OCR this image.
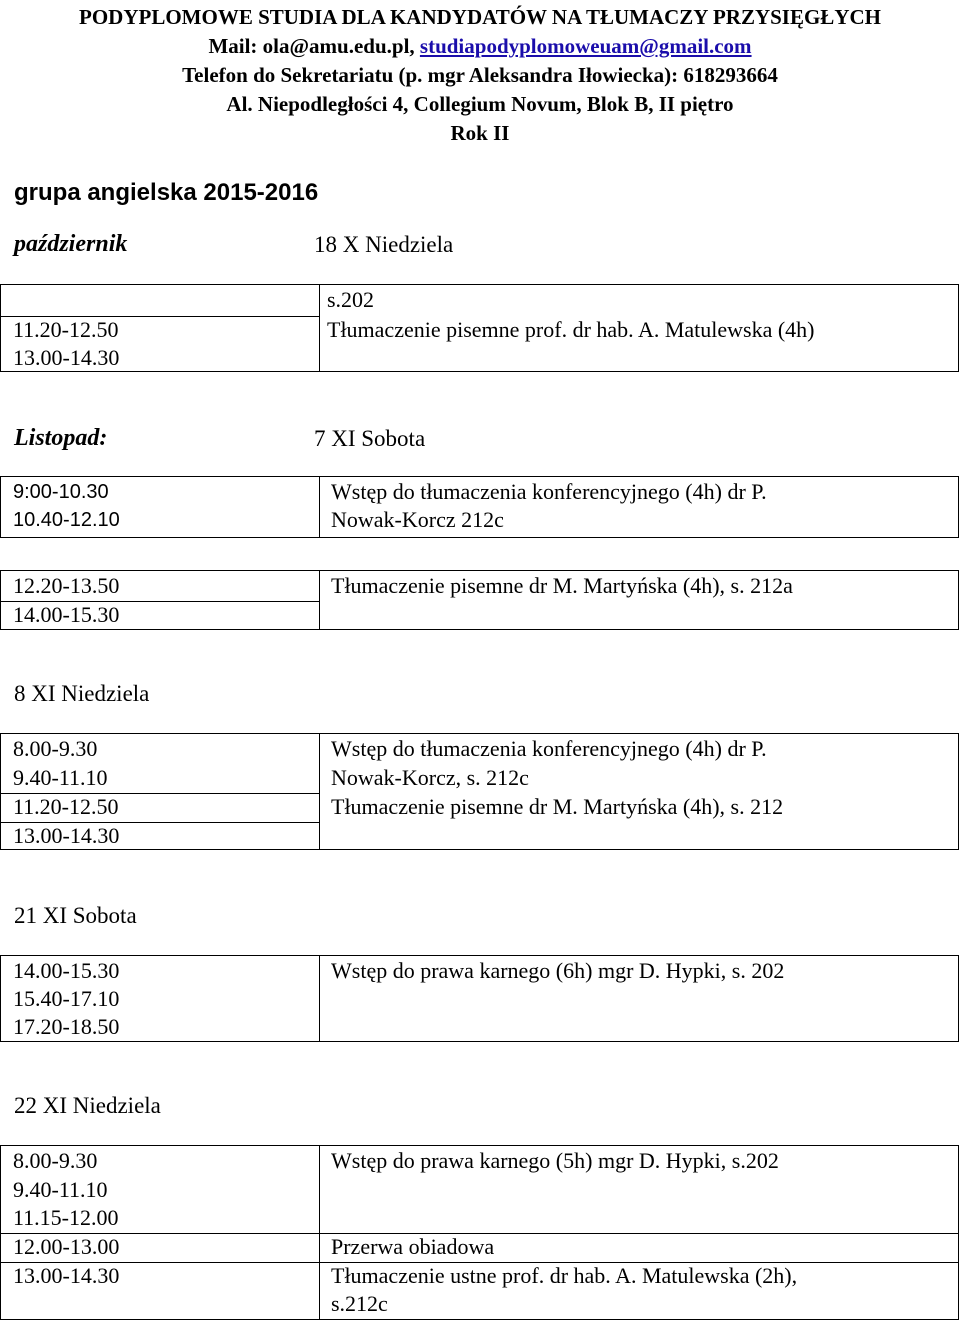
PODYPLOMOWE STUDIA DLA KANDYDATÓW NA TŁUMACZY PRZYSIĘGŁYCH
Mail: ola@amu.edu.pl, studiapodyplomoweuam@gmail.com
Telefon do Sekretariatu (p. mgr Aleksandra Iłowiecka): 618293664
Al. Niepodległości 4, Collegium Novum, Blok B, II piętro
Rok II
grupa angielska 2015-2016
październik	18 X Niedziela
s.202
11.20-12.50
13.00-14.30
Tłumaczenie pisemne prof. dr hab. A. Matulewska (4h)
Listopad:	7 XI Sobota
9:00-10.30
10.40-12.10
Wstęp do tłumaczenia konferencyjnego (4h) dr P.
Nowak-Korcz 212c
12.20-13.50
14.00-15.30
Tłumaczenie pisemne dr M. Martyńska (4h), s. 212a
8 XI Niedziela
8.00-9.30
9.40-11.10
11.20-12.50
13.00-14.30
Wstęp do tłumaczenia konferencyjnego (4h) dr P.
Nowak-Korcz, s. 212c
Tłumaczenie pisemne dr M. Martyńska (4h), s. 212
21 XI Sobota
14.00-15.30
15.40-17.10
17.20-18.50
Wstęp do prawa karnego (6h) mgr D. Hypki, s. 202
22 XI Niedziela
8.00-9.30
9.40-11.10
11.15-12.00
12.00-13.00
13.00-14.30
Wstęp do prawa karnego (5h) mgr D. Hypki, s.202
Przerwa obiadowa
Tłumaczenie ustne prof. dr hab. A. Matulewska (2h),
s.212c
